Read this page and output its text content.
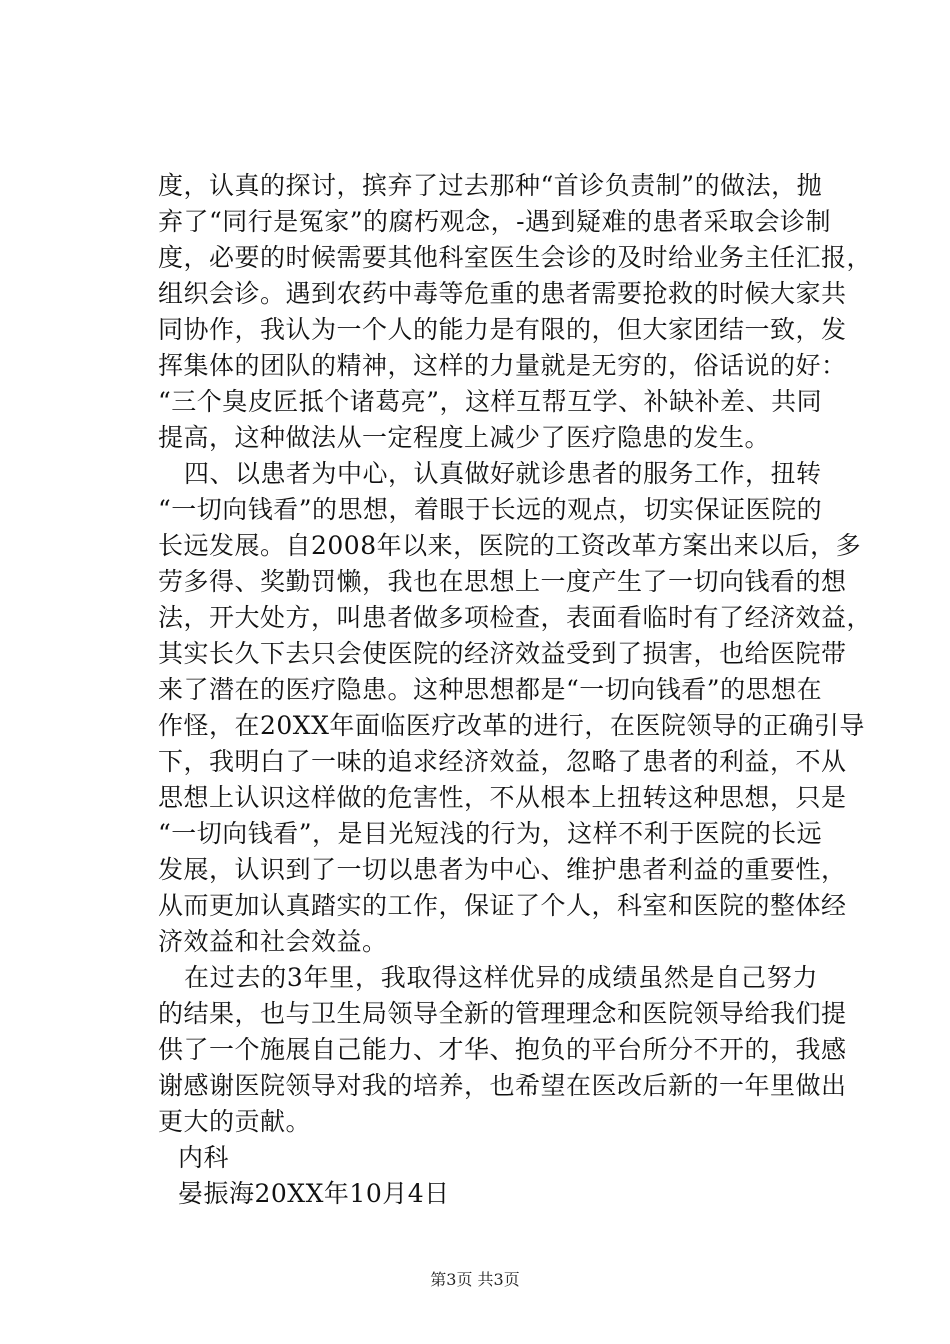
度，认真的探讨，摈弃了过去那种“首诊负责制”的做法，抛
弃了“同行是冤家”的腐朽观念，-遇到疑难的患者采取会诊制
度，必要的时候需要其他科室医生会诊的及时给业务主任汇报，
组织会诊。遇到农药中毒等危重的患者需要抢救的时候大家共
同协作，我认为一个人的能力是有限的，但大家团结一致，发
挥集体的团队的精神，这样的力量就是无穷的，俗话说的好：
“三个臭皮匠抵个诸葛亮”，这样互帮互学、补缺补差、共同
提高，这种做法从一定程度上减少了医疗隐患的发生。
四、以患者为中心，认真做好就诊患者的服务工作，扭转
“一切向钱看”的思想，着眼于长远的观点，切实保证医院的
长远发展。自2008年以来，医院的工资改革方案出来以后，多
劳多得、奖勤罚懒，我也在思想上一度产生了一切向钱看的想
法，开大处方，叫患者做多项检查，表面看临时有了经济效益，
其实长久下去只会使医院的经济效益受到了损害，也给医院带
来了潜在的医疗隐患。这种思想都是“一切向钱看”的思想在
作怪，在20XX年面临医疗改革的进行，在医院领导的正确引导
下，我明白了一味的追求经济效益，忽略了患者的利益，不从
思想上认识这样做的危害性，不从根本上扭转这种思想，只是
“一切向钱看”，是目光短浅的行为，这样不利于医院的长远
发展，认识到了一切以患者为中心、维护患者利益的重要性，
从而更加认真踏实的工作，保证了个人，科室和医院的整体经
济效益和社会效益。
在过去的3年里，我取得这样优异的成绩虽然是自己努力
的结果，也与卫生局领导全新的管理理念和医院领导给我们提
供了一个施展自己能力、才华、抱负的平台所分不开的，我感
谢感谢医院领导对我的培养，也希望在医改后新的一年里做出
更大的贡献。
内科
晏振海20XX年10月4日
第3页 共3页
